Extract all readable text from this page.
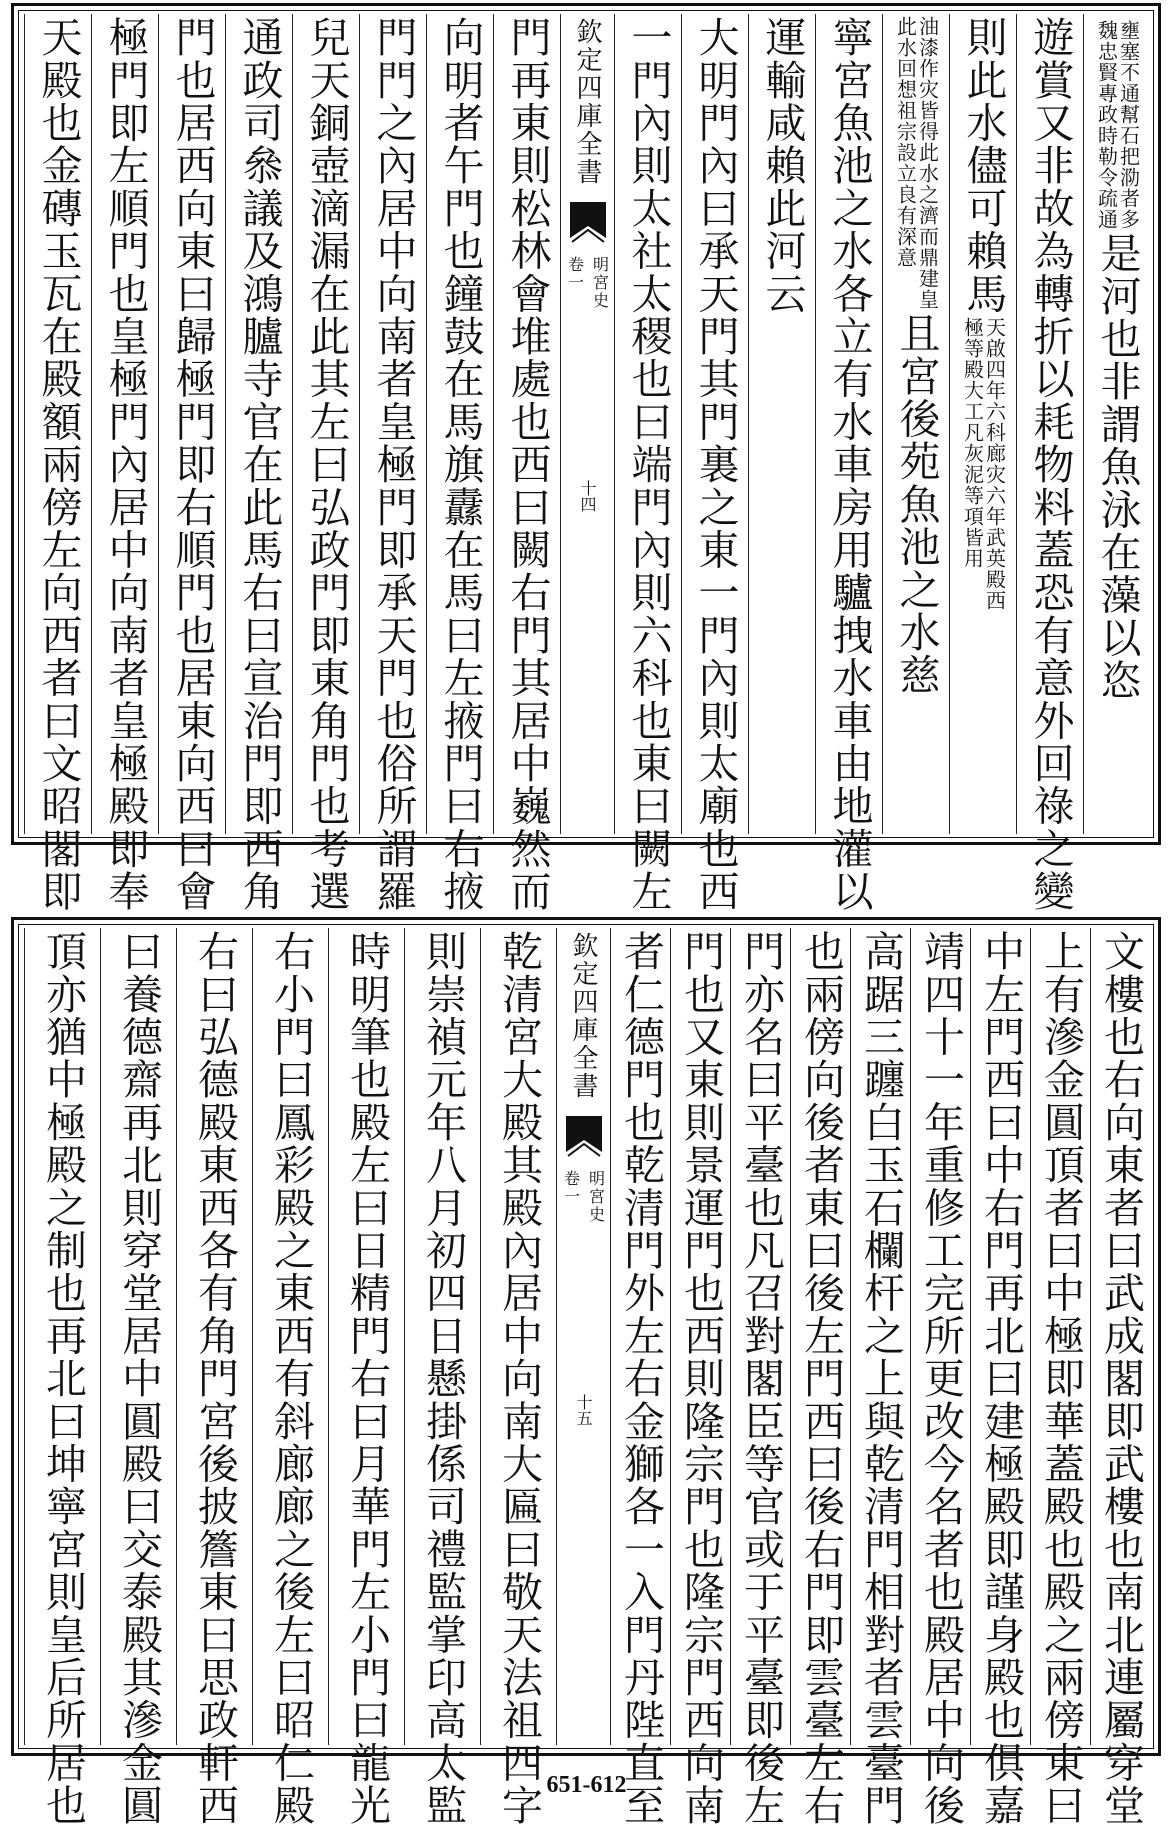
壅塞不通幫石把泐者多
魏忠賢專政時勒令疏通
是河也非謂魚泳在藻以恣
遊賞又非故為轉折以耗物料蓋恐有意外回祿之變
則此水儘可賴馬
天啟四年六科廊灾六年武英殿西
極等殿大工凡灰泥等項皆用
油漆作灾皆得此水之濟而鼎建皇
此水回想祖宗設立良有深意
且宮後苑魚池之水慈
寧宮魚池之水各立有水車房用驢拽水車由地灌以
運輸咸賴此河云
大明門內曰承天門其門裏之東一門內則太廟也西
一門內則太社太稷也曰端門內則六科也東曰闕左
欽定四庫全書
明宮史
卷一
十四
門再東則松林會堆處也西曰闕右門其居中巍然而
向明者午門也鐘鼓在馬旗纛在馬曰左掖門曰右掖
門門之內居中向南者皇極門即承天門也俗所謂羅
兒天銅壺滴漏在此其左曰弘政門即東角門也考選
通政司叅議及鴻臚寺官在此馬右曰宣治門即西角
門也居西向東曰歸極門即右順門也居東向西曰會
極門即左順門也皇極門內居中向南者皇極殿即奉
天殿也金磚玉瓦在殿額兩傍左向西者曰文昭閣即
文樓也右向東者曰武成閣即武樓也南北連屬穿堂
上有滲金圓頂者曰中極即華蓋殿也殿之兩傍東曰
中左門西曰中右門再北曰建極殿即謹身殿也俱嘉
靖四十一年重修工完所更改今名者也殿居中向後
高踞三躔白玉石欄杆之上與乾清門相對者雲臺門
也兩傍向後者東曰後左門西曰後右門即雲臺左右
門亦名曰平臺也凡召對閣臣等官或于平臺即後左
門也又東則景運門也西則隆宗門也隆宗門西向南
者仁德門也乾清門外左右金獅各一入門丹陛直至
欽定四庫全書
明宮史
卷一
十五
乾清宮大殿其殿內居中向南大匾曰敬天法祖四字
則崇禎元年八月初四日懸掛係司禮監掌印高太監
時明筆也殿左曰日精門右曰月華門左小門曰龍光
右小門曰鳳彩殿之東西有斜廊廊之後左曰昭仁殿
右曰弘德殿東西各有角門宮後披簷東曰思政軒西
曰養德齋再北則穿堂居中圓殿曰交泰殿其滲金圓
頂亦猶中極殿之制也再北曰坤寧宮則皇后所居也	651-612
